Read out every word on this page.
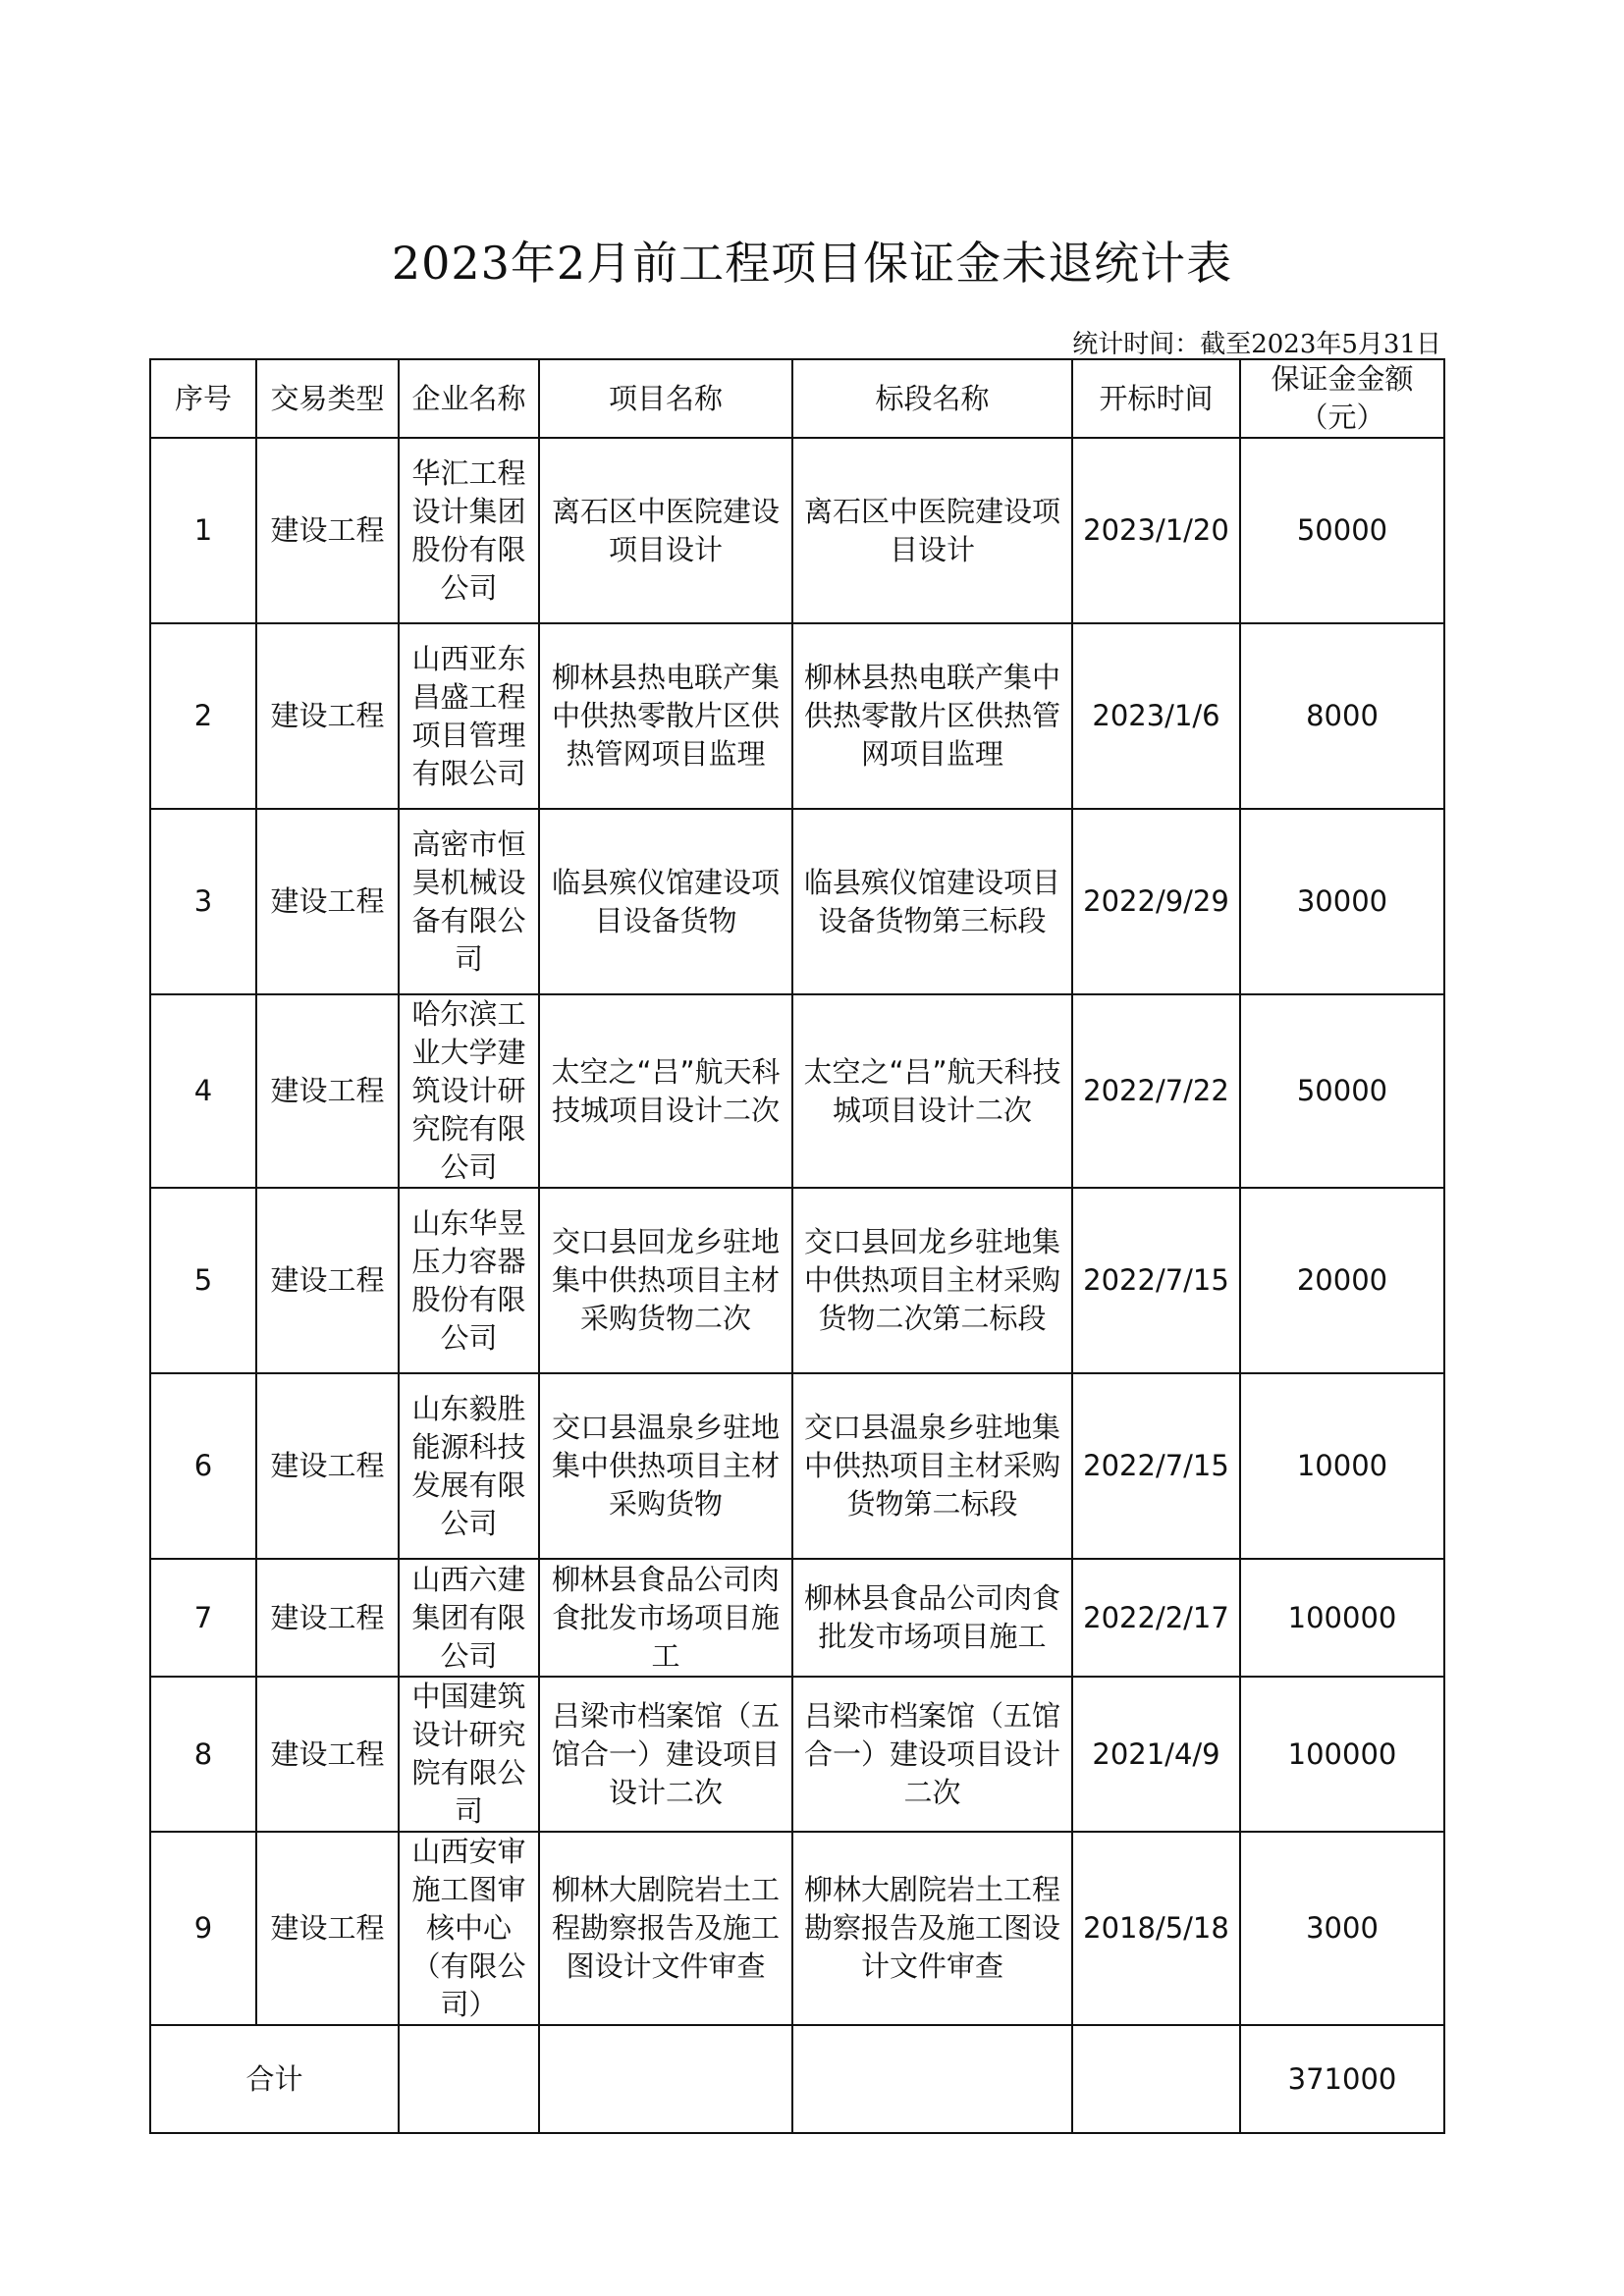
2023年2月前工程项目保证金未退统计表
统计时间：截至2023年5月31日
序号	交易类型	企业名称	项目名称	标段名称	开标时间	保证金金额（元）
1	建设工程	华汇工程设计集团股份有限公司	离石区中医院建设项目设计	离石区中医院建设项目设计	2023/1/20	50000
2	建设工程	山西亚东昌盛工程项目管理有限公司	柳林县热电联产集中供热零散片区供热管网项目监理	柳林县热电联产集中供热零散片区供热管网项目监理	2023/1/6	8000
3	建设工程	高密市恒昊机械设备有限公司	临县殡仪馆建设项目设备货物	临县殡仪馆建设项目设备货物第三标段	2022/9/29	30000
4	建设工程	哈尔滨工业大学建筑设计研究院有限公司	太空之“吕”航天科技城项目设计二次	太空之“吕”航天科技城项目设计二次	2022/7/22	50000
5	建设工程	山东华昱压力容器股份有限公司	交口县回龙乡驻地集中供热项目主材采购货物二次	交口县回龙乡驻地集中供热项目主材采购货物二次第二标段	2022/7/15	20000
6	建设工程	山东毅胜能源科技发展有限公司	交口县温泉乡驻地集中供热项目主材采购货物	交口县温泉乡驻地集中供热项目主材采购货物第二标段	2022/7/15	10000
7	建设工程	山西六建集团有限公司	柳林县食品公司肉食批发市场项目施工	柳林县食品公司肉食批发市场项目施工	2022/2/17	100000
8	建设工程	中国建筑设计研究院有限公司	吕梁市档案馆（五馆合一）建设项目设计二次	吕梁市档案馆（五馆合一）建设项目设计二次	2021/4/9	100000
9	建设工程	山西安审施工图审核中心（有限公司）	柳林大剧院岩土工程勘察报告及施工图设计文件审查	柳林大剧院岩土工程勘察报告及施工图设计文件审查	2018/5/18	3000
合计						371000
